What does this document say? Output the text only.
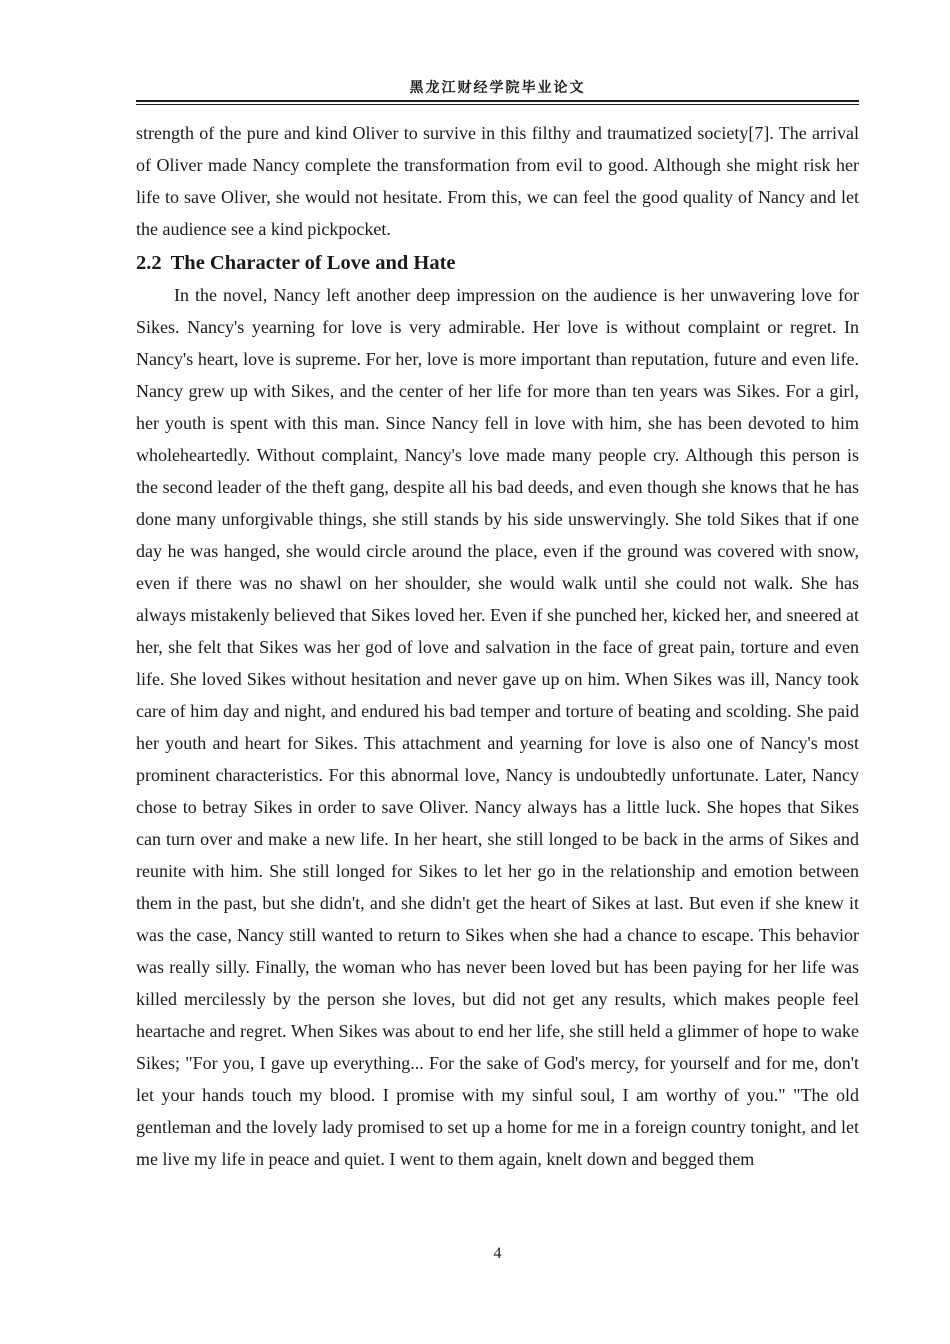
黑龙江财经学院毕业论文

strength of the pure and kind Oliver to survive in this filthy and traumatized society[7]. The arrival of Oliver made Nancy complete the transformation from evil to good. Although she might risk her life to save Oliver, she would not hesitate. From this, we can feel the good quality of Nancy and let the audience see a kind pickpocket.

2.2 The Character of Love and Hate

In the novel, Nancy left another deep impression on the audience is her unwavering love for Sikes. Nancy's yearning for love is very admirable. Her love is without complaint or regret. In Nancy's heart, love is supreme. For her, love is more important than reputation, future and even life. Nancy grew up with Sikes, and the center of her life for more than ten years was Sikes. For a girl, her youth is spent with this man. Since Nancy fell in love with him, she has been devoted to him wholeheartedly. Without complaint, Nancy's love made many people cry. Although this person is the second leader of the theft gang, despite all his bad deeds, and even though she knows that he has done many unforgivable things, she still stands by his side unswervingly. She told Sikes that if one day he was hanged, she would circle around the place, even if the ground was covered with snow, even if there was no shawl on her shoulder, she would walk until she could not walk. She has always mistakenly believed that Sikes loved her. Even if she punched her, kicked her, and sneered at her, she felt that Sikes was her god of love and salvation in the face of great pain, torture and even life. She loved Sikes without hesitation and never gave up on him. When Sikes was ill, Nancy took care of him day and night, and endured his bad temper and torture of beating and scolding. She paid her youth and heart for Sikes. This attachment and yearning for love is also one of Nancy's most prominent characteristics. For this abnormal love, Nancy is undoubtedly unfortunate. Later, Nancy chose to betray Sikes in order to save Oliver. Nancy always has a little luck. She hopes that Sikes can turn over and make a new life. In her heart, she still longed to be back in the arms of Sikes and reunite with him. She still longed for Sikes to let her go in the relationship and emotion between them in the past, but she didn't, and she didn't get the heart of Sikes at last. But even if she knew it was the case, Nancy still wanted to return to Sikes when she had a chance to escape. This behavior was really silly. Finally, the woman who has never been loved but has been paying for her life was killed mercilessly by the person she loves, but did not get any results, which makes people feel heartache and regret. When Sikes was about to end her life, she still held a glimmer of hope to wake Sikes; "For you, I gave up everything... For the sake of God's mercy, for yourself and for me, don't let your hands touch my blood. I promise with my sinful soul, I am worthy of you." "The old gentleman and the lovely lady promised to set up a home for me in a foreign country tonight, and let me live my life in peace and quiet. I went to them again, knelt down and begged them

4
